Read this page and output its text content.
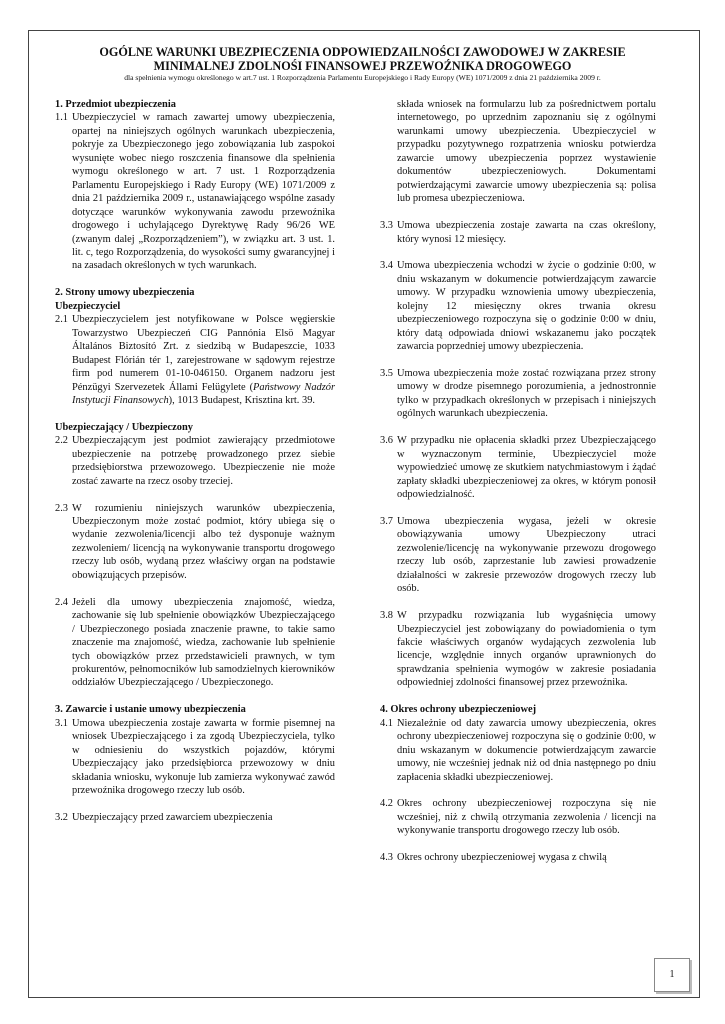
OGÓLNE WARUNKI UBEZPIECZENIA ODPOWIEDZAILNOŚCI ZAWODOWEJ W ZAKRESIE
MINIMALNEJ ZDOLNOŚI FINANSOWEJ PRZEWOŹNIKA DROGOWEGO
dla spełnienia wymogu określonego w art.7 ust. 1 Rozporządzenia Parlamentu Europejskiego i Rady Europy (WE) 1071/2009 z dnia 21 października 2009 r.
1. Przedmiot ubezpieczenia
1.1 Ubezpieczyciel w ramach zawartej umowy ubezpieczenia, opartej na niniejszych ogólnych warunkach ubezpieczenia, pokryje za Ubezpieczonego jego zobowiązania lub zaspokoi wysunięte wobec niego roszczenia finansowe dla spełnienia wymogu określonego w art. 7 ust. 1 Rozporządzenia Parlamentu Europejskiego i Rady Europy (WE) 1071/2009 z dnia 21 października 2009 r., ustanawiającego wspólne zasady dotyczące warunków wykonywania zawodu przewoźnika drogowego i uchylającego Dyrektywę Rady 96/26 WE (zwanym dalej „Rozporządzeniem”), w związku art. 3 ust. 1. lit. c, tego Rozporządzenia, do wysokości sumy gwarancyjnej i na zasadach określonych w tych warunkach.
2. Strony umowy ubezpieczenia
Ubezpieczyciel
2.1 Ubezpieczycielem jest notyfikowane w Polsce węgierskie Towarzystwo Ubezpieczeń CIG Pannónia Elsö Magyar Általános Biztosító Zrt. z siedzibą w Budapeszcie, 1033 Budapest Flórián tér 1, zarejestrowane w sądowym rejestrze firm pod numerem 01-10-046150. Organem nadzoru jest Pénzügyi Szervezetek Állami Felügylete (Państwowy Nadzór Instytucji Finansowych), 1013 Budapest, Krisztina krt. 39.
Ubezpieczający / Ubezpieczony
2.2 Ubezpieczającym jest podmiot zawierający przedmiotowe ubezpieczenie na potrzebę prowadzonego przez siebie przedsiębiorstwa przewozowego. Ubezpieczenie nie może zostać zawarte na rzecz osoby trzeciej.
2.3 W rozumieniu niniejszych warunków ubezpieczenia, Ubezpieczonym może zostać podmiot, który ubiega się o wydanie zezwolenia/licencji albo też dysponuje ważnym zezwoleniem/ licencją na wykonywanie transportu drogowego rzeczy lub osób, wydaną przez właściwy organ na podstawie obowiązujących przepisów.
2.4 Jeżeli dla umowy ubezpieczenia znajomość, wiedza, zachowanie się lub spełnienie obowiązków Ubezpieczającego / Ubezpieczonego posiada znaczenie prawne, to takie samo znaczenie ma znajomość, wiedza, zachowanie lub spełnienie tych obowiązków przez przedstawicieli prawnych, w tym prokurentów, pełnomocników lub samodzielnych kierowników oddziałów Ubezpieczającego / Ubezpieczonego.
3. Zawarcie i ustanie umowy ubezpieczenia
3.1 Umowa ubezpieczenia zostaje zawarta w formie pisemnej na wniosek Ubezpieczającego i za zgodą Ubezpieczyciela, tylko w odniesieniu do wszystkich pojazdów, którymi Ubezpieczający jako przedsiębiorca przewozowy w dniu składania wniosku, wykonuje lub zamierza wykonywać zawód przewoźnika drogowego rzeczy lub osób.
3.2 Ubezpieczający przed zawarciem ubezpieczenia
składa wniosek na formularzu lub za pośrednictwem portalu internetowego, po uprzednim zapoznaniu się z ogólnymi warunkami umowy ubezpieczenia. Ubezpieczyciel w przypadku pozytywnego rozpatrzenia wniosku potwierdza zawarcie umowy ubezpieczenia poprzez wystawienie dokumentów ubezpieczeniowych. Dokumentami potwierdzającymi zawarcie umowy ubezpieczenia są: polisa lub promesa ubezpieczeniowa.
3.3 Umowa ubezpieczenia zostaje zawarta na czas określony, który wynosi 12 miesięcy.
3.4 Umowa ubezpieczenia wchodzi w życie o godzinie 0:00, w dniu wskazanym w dokumencie potwierdzającym zawarcie umowy. W przypadku wznowienia umowy ubezpieczenia, kolejny 12 miesięczny okres trwania okresu ubezpieczeniowego rozpoczyna się o godzinie 0:00 w dniu, który datą odpowiada dniowi wskazanemu jako początek zawarcia poprzedniej umowy ubezpieczenia.
3.5 Umowa ubezpieczenia może zostać rozwiązana przez strony umowy w drodze pisemnego porozumienia, a jednostronnie tylko w przypadkach określonych w przepisach i niniejszych ogólnych warunkach ubezpieczenia.
3.6 W przypadku nie opłacenia składki przez Ubezpieczającego w wyznaczonym terminie, Ubezpieczyciel może wypowiedzieć umowę ze skutkiem natychmiastowym i żądać zapłaty składki ubezpieczeniowej za okres, w którym ponosił odpowiedzialność.
3.7 Umowa ubezpieczenia wygasa, jeżeli w okresie obowiązywania umowy Ubezpieczony utraci zezwolenie/licencję na wykonywanie przewozu drogowego rzeczy lub osób, zaprzestanie lub zawiesi prowadzenie działalności w zakresie przewozów drogowych rzeczy lub osób.
3.8 W przypadku rozwiązania lub wygaśnięcia umowy Ubezpieczyciel jest zobowiązany do powiadomienia o tym fakcie właściwych organów wydających zezwolenia lub licencje, względnie innych organów uprawnionych do sprawdzania spełnienia wymogów w zakresie posiadania odpowiedniej zdolności finansowej przez przewoźnika.
4. Okres ochrony ubezpieczeniowej
4.1 Niezależnie od daty zawarcia umowy ubezpieczenia, okres ochrony ubezpieczeniowej rozpoczyna się o godzinie 0:00, w dniu wskazanym w dokumencie potwierdzającym zawarcie umowy, nie wcześniej jednak niż od dnia następnego po dniu zapłacenia składki ubezpieczeniowej.
4.2 Okres ochrony ubezpieczeniowej rozpoczyna się nie wcześniej, niż z chwilą otrzymania zezwolenia / licencji na wykonywanie transportu drogowego rzeczy lub osób.
4.3 Okres ochrony ubezpieczeniowej wygasa z chwilą
1
